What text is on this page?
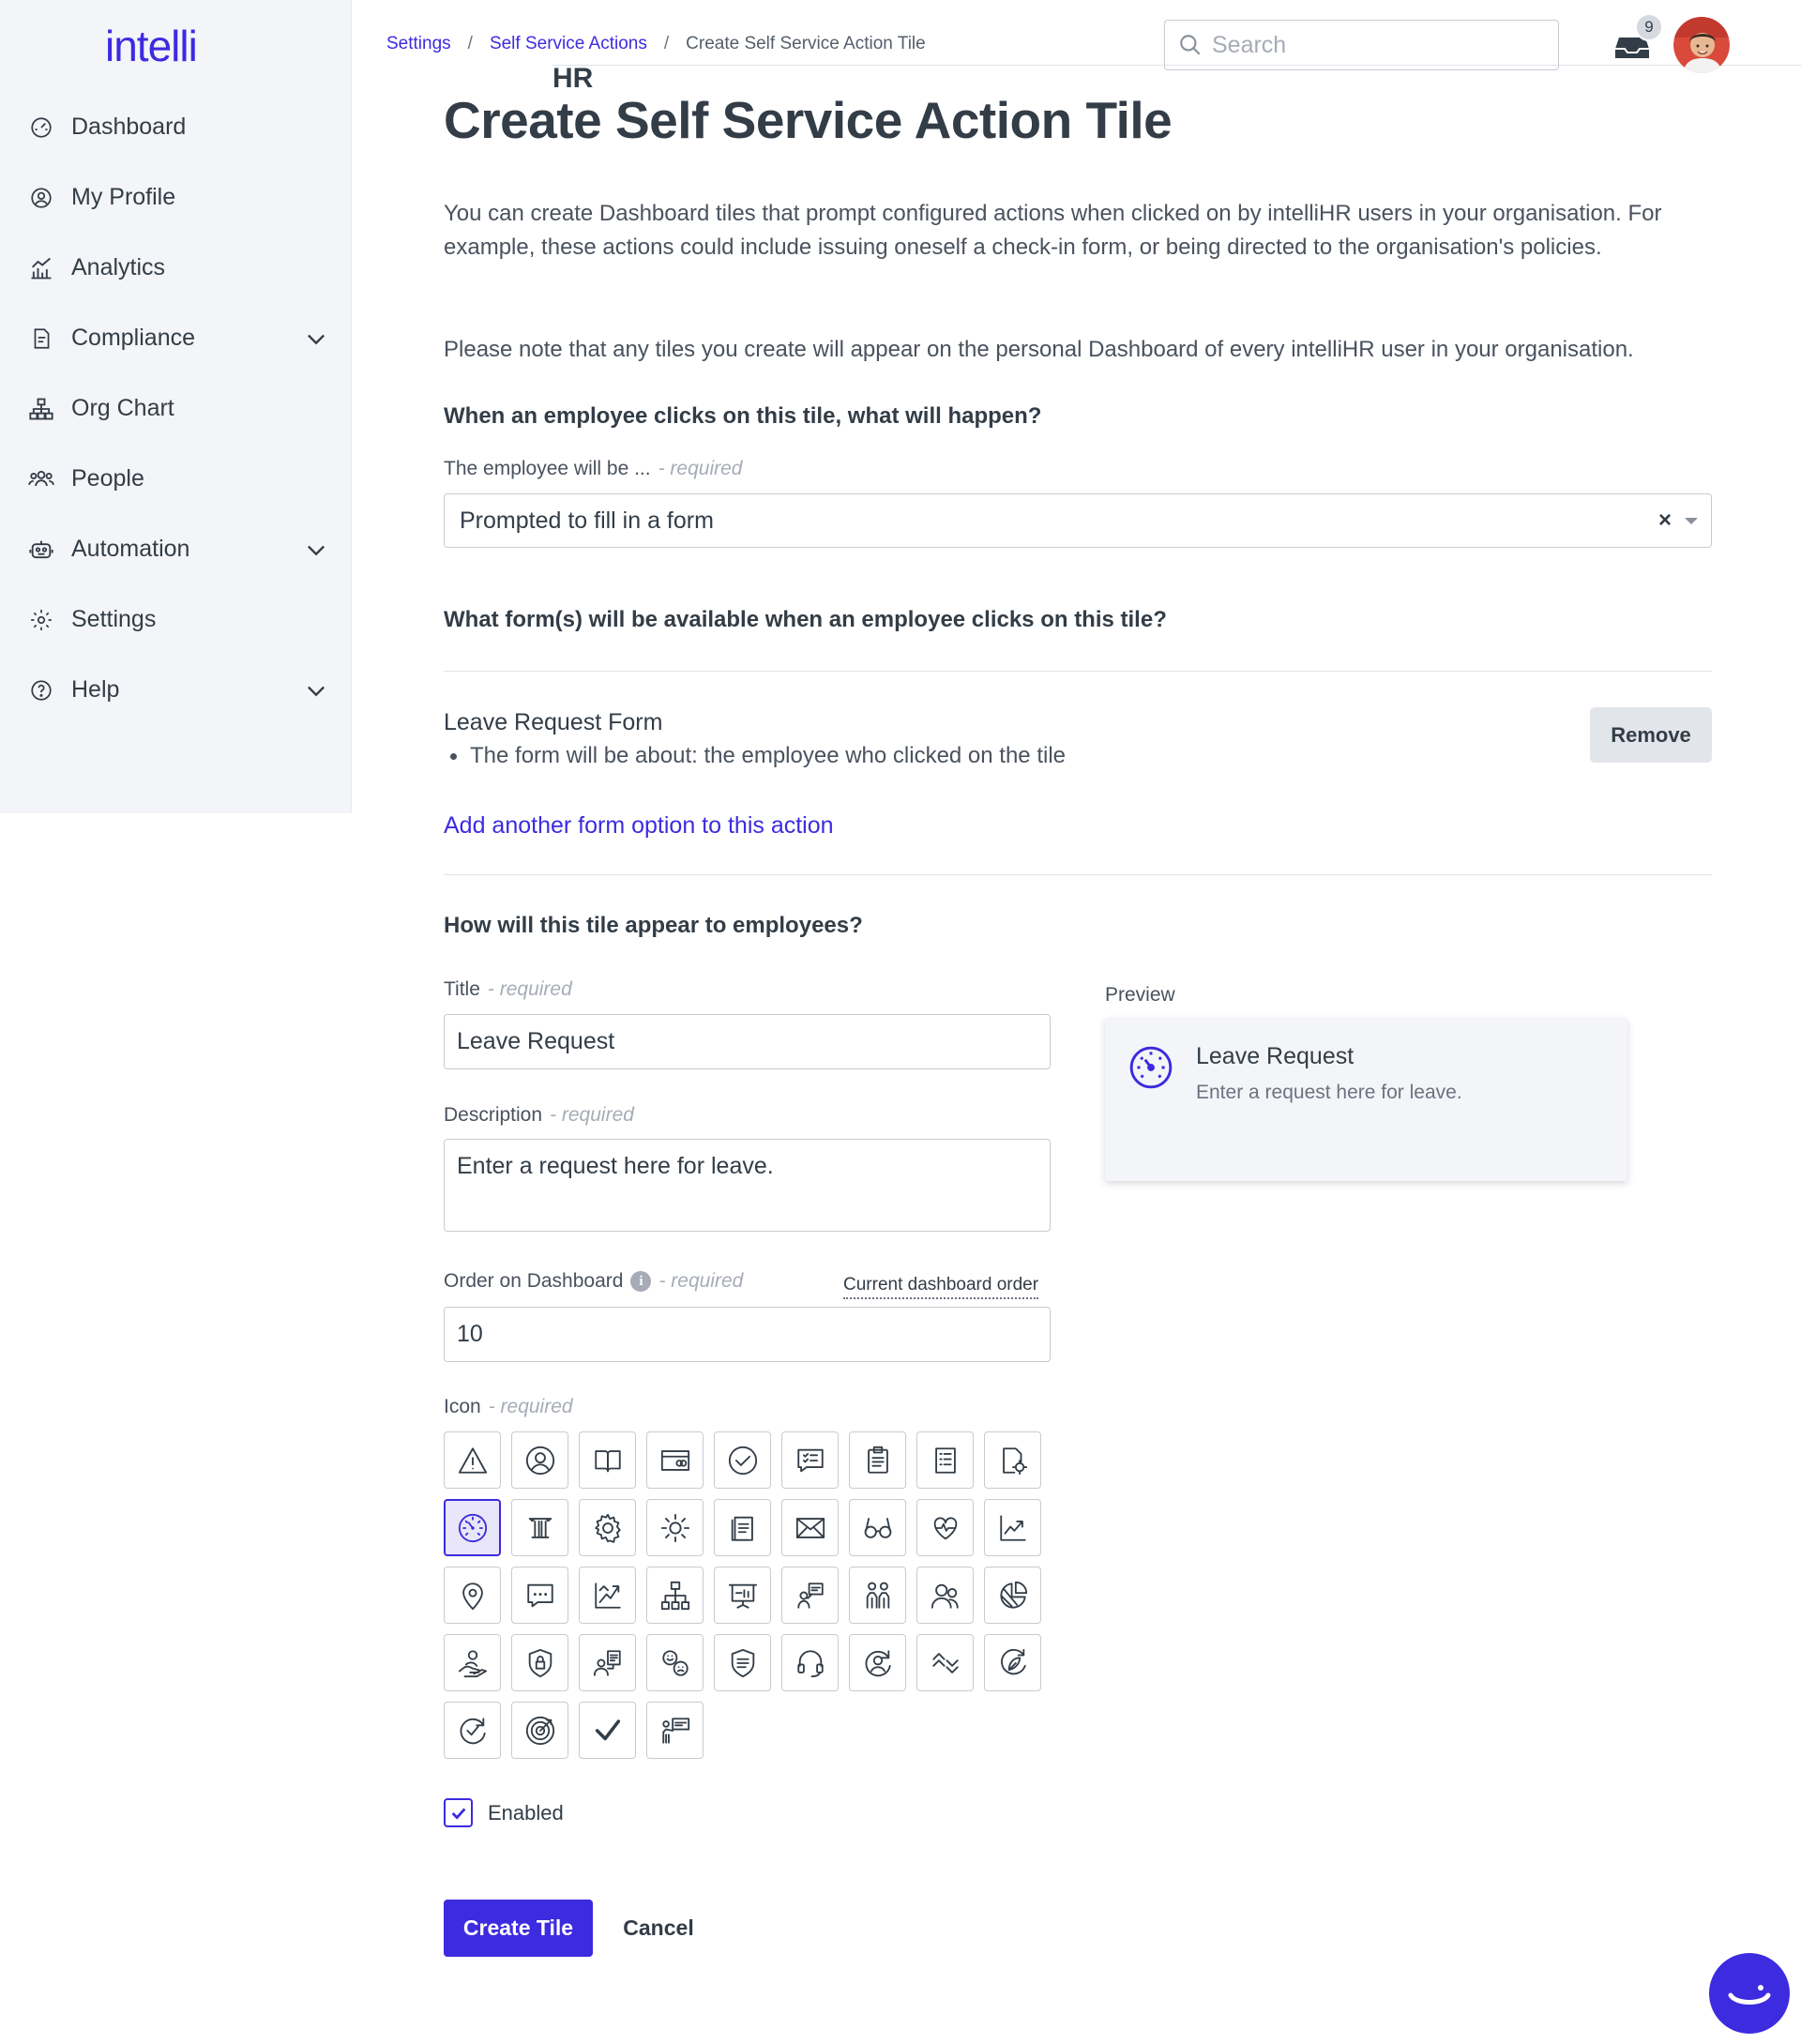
intelli
HR
Dashboard
My Profile
Analytics
Compliance
Org Chart
People
Automation
Settings
Help
Settings / Self Service Actions / Create Self Service Action Tile
Search
9
Create Self Service Action Tile

You can create Dashboard tiles that prompt configured actions when clicked on by intelliHR users in your organisation. For example, these actions could include issuing oneself a check-in form, or being directed to the organisation's policies.

Please note that any tiles you create will appear on the personal Dashboard of every intelliHR user in your organisation.

When an employee clicks on this tile, what will happen?
The employee will be ... - required
Prompted to fill in a form	×
What form(s) will be available when an employee clicks on this tile?
Leave Request Form
The form will be about: the employee who clicked on the tile
Remove
Add another form option to this action
How will this tile appear to employees?
Title - required
Leave Request
Description - required
Enter a request here for leave.
Order on Dashboard i - required	Current dashboard order
10
Icon - required
Preview
Leave Request
Enter a request here for leave.
Enabled
Create Tile	Cancel
